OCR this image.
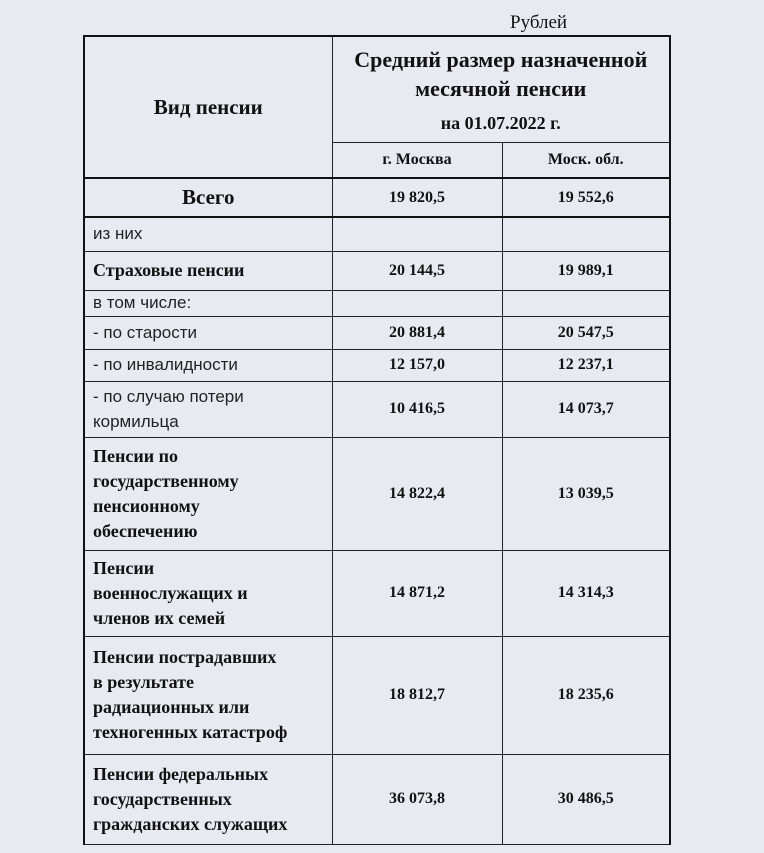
Рублей
Вид пенсии	Средний размер назначенной
месячной пенсии
на 01.07.2022 г.	

	г. Москва	Моск. обл.
Всего	19 820,5	19 552,6
из них		
Страховые пенсии	20 144,5	19 989,1
в том числе:		
- по старости	20 881,4	20 547,5
- по инвалидности	12 157,0	12 237,1

- по случаю потери
кормильца	10 416,5	14 073,7

Пенсии по
государственному
пенсионному
обеспечению	14 822,4	13 039,5

Пенсии
военнослужащих и
членов их семей	14 871,2	14 314,3

Пенсии пострадавших
в результате
радиационных или
техногенных катастроф	18 812,7	18 235,6

Пенсии федеральных
государственных
гражданских служащих	36 073,8	30 486,5
